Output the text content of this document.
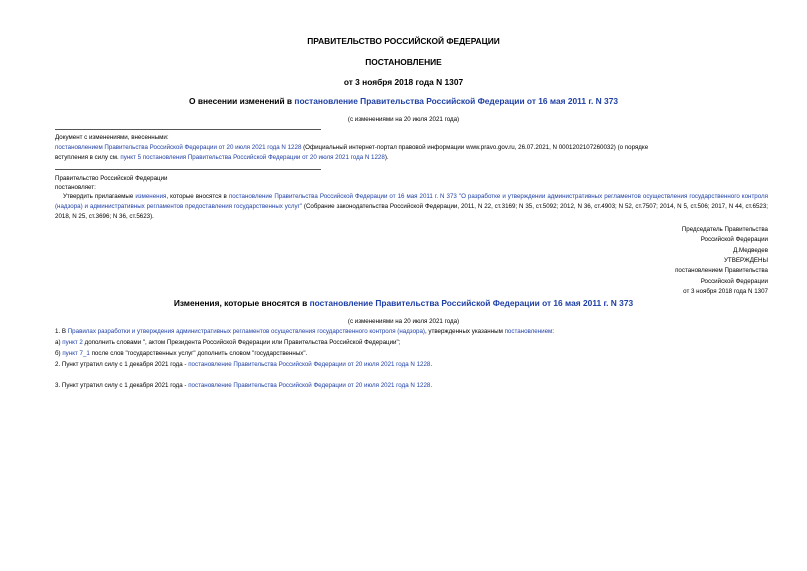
ПРАВИТЕЛЬСТВО РОССИЙСКОЙ ФЕДЕРАЦИИ
ПОСТАНОВЛЕНИЕ
от 3 ноября 2018 года N 1307
О внесении изменений в постановление Правительства Российской Федерации от 16 мая 2011 г. N 373
(с изменениями на 20 июля 2021 года)
Документ с изменениями, внесенными:
постановлением Правительства Российской Федерации от 20 июля 2021 года N 1228 (Официальный интернет-портал правовой информации www.pravo.gov.ru, 26.07.2021, N 0001202107260032) (о порядке
вступления в силу см. пункт 5 постановления Правительства Российской Федерации от 20 июля 2021 года N 1228).
Правительство Российской Федерации
постановляет:
Утвердить прилагаемые изменения, которые вносятся в постановление Правительства Российской Федерации от 16 мая 2011 г. N 373 "О разработке и утверждении административных регламентов осуществления государственного контроля (надзора) и административных регламентов предоставления государственных услуг" (Собрание законодательства Российской Федерации, 2011, N 22, ст.3169; N 35, ст.5092; 2012, N 36, ст.4903; N 52, ст.7507; 2014, N 5, ст.506; 2017, N 44, ст.6523; 2018, N 25, ст.3696; N 36, ст.5623).
Председатель Правительства
Российской Федерации
Д.Медведев
УТВЕРЖДЕНЫ
постановлением Правительства
Российской Федерации
от 3 ноября 2018 года N 1307
Изменения, которые вносятся в постановление Правительства Российской Федерации от 16 мая 2011 г. N 373
(с изменениями на 20 июля 2021 года)
1. В Правилах разработки и утверждения административных регламентов осуществления государственного контроля (надзора), утвержденных указанным постановлением:
а) пункт 2 дополнить словами ", актом Президента Российской Федерации или Правительства Российской Федерации";
б) пункт 7_1 после слов "государственных услуг" дополнить словом "государственных".
2. Пункт утратил силу с 1 декабря 2021 года - постановление Правительства Российской Федерации от 20 июля 2021 года N 1228.
3. Пункт утратил силу с 1 декабря 2021 года - постановление Правительства Российской Федерации от 20 июля 2021 года N 1228.
